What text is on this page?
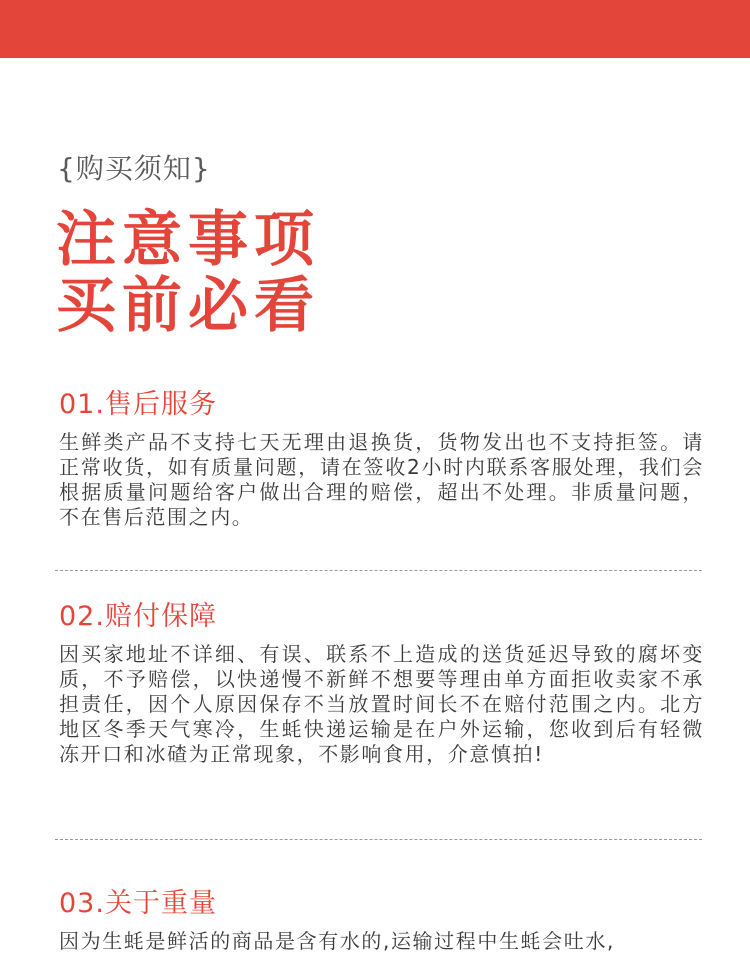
{购买须知}
注意事项
买前必看
01.售后服务
生鲜类产品不支持七天无理由退换货，货物发出也不支持拒签。请正常收货，如有质量问题，请在签收2小时内联系客服处理，我们会根据质量问题给客户做出合理的赔偿，超出不处理。非质量问题，不在售后范围之内。
02.赔付保障
因买家地址不详细、有误、联系不上造成的送货延迟导致的腐坏变质，不予赔偿，以快递慢不新鲜不想要等理由单方面拒收卖家不承担责任，因个人原因保存不当放置时间长不在赔付范围之内。北方地区冬季天气寒冷，生蚝快递运输是在户外运输，您收到后有轻微冻开口和冰碴为正常现象，不影响食用，介意慎拍!
03.关于重量
因为生蚝是鲜活的商品是含有水的,运输过程中生蚝会吐水,
